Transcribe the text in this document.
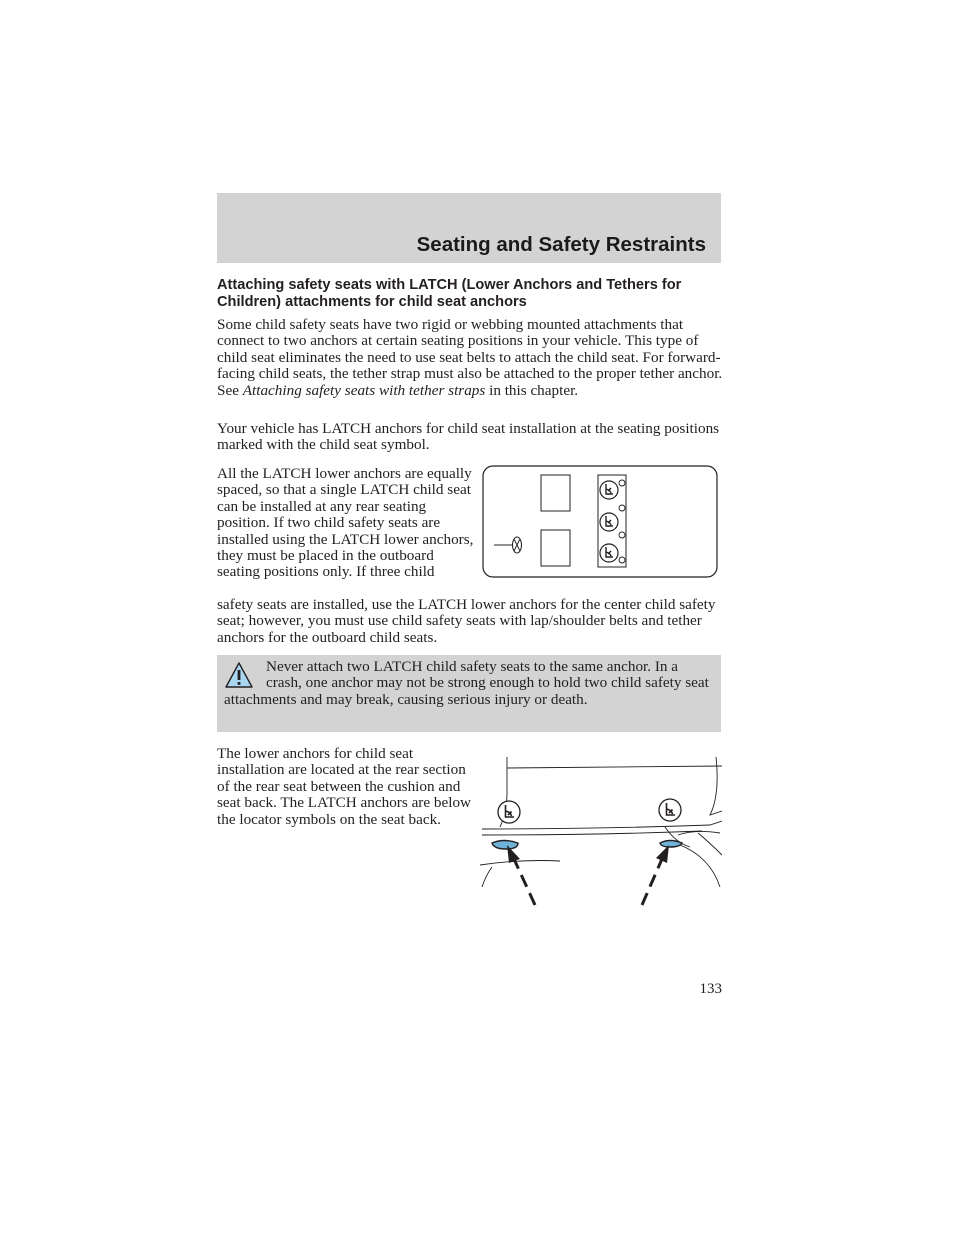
Seating and Safety Restraints
Attaching safety seats with LATCH (Lower Anchors and Tethers for Children) attachments for child seat anchors
Some child safety seats have two rigid or webbing mounted attachments that connect to two anchors at certain seating positions in your vehicle. This type of child seat eliminates the need to use seat belts to attach the child seat. For forward-facing child seats, the tether strap must also be attached to the proper tether anchor. See Attaching safety seats with tether straps in this chapter.
Your vehicle has LATCH anchors for child seat installation at the seating positions marked with the child seat symbol.
All the LATCH lower anchors are equally spaced, so that a single LATCH child seat can be installed at any rear seating position. If two child safety seats are installed using the LATCH lower anchors, they must be placed in the outboard seating positions only. If three child
safety seats are installed, use the LATCH lower anchors for the center child safety seat; however, you must use child safety seats with lap/shoulder belts and tether anchors for the outboard child seats.
Never attach two LATCH child safety seats to the same anchor. In a crash, one anchor may not be strong enough to hold two child safety seat attachments and may break, causing serious injury or death.
The lower anchors for child seat installation are located at the rear section of the rear seat between the cushion and seat back. The LATCH anchors are below the locator symbols on the seat back.
133
